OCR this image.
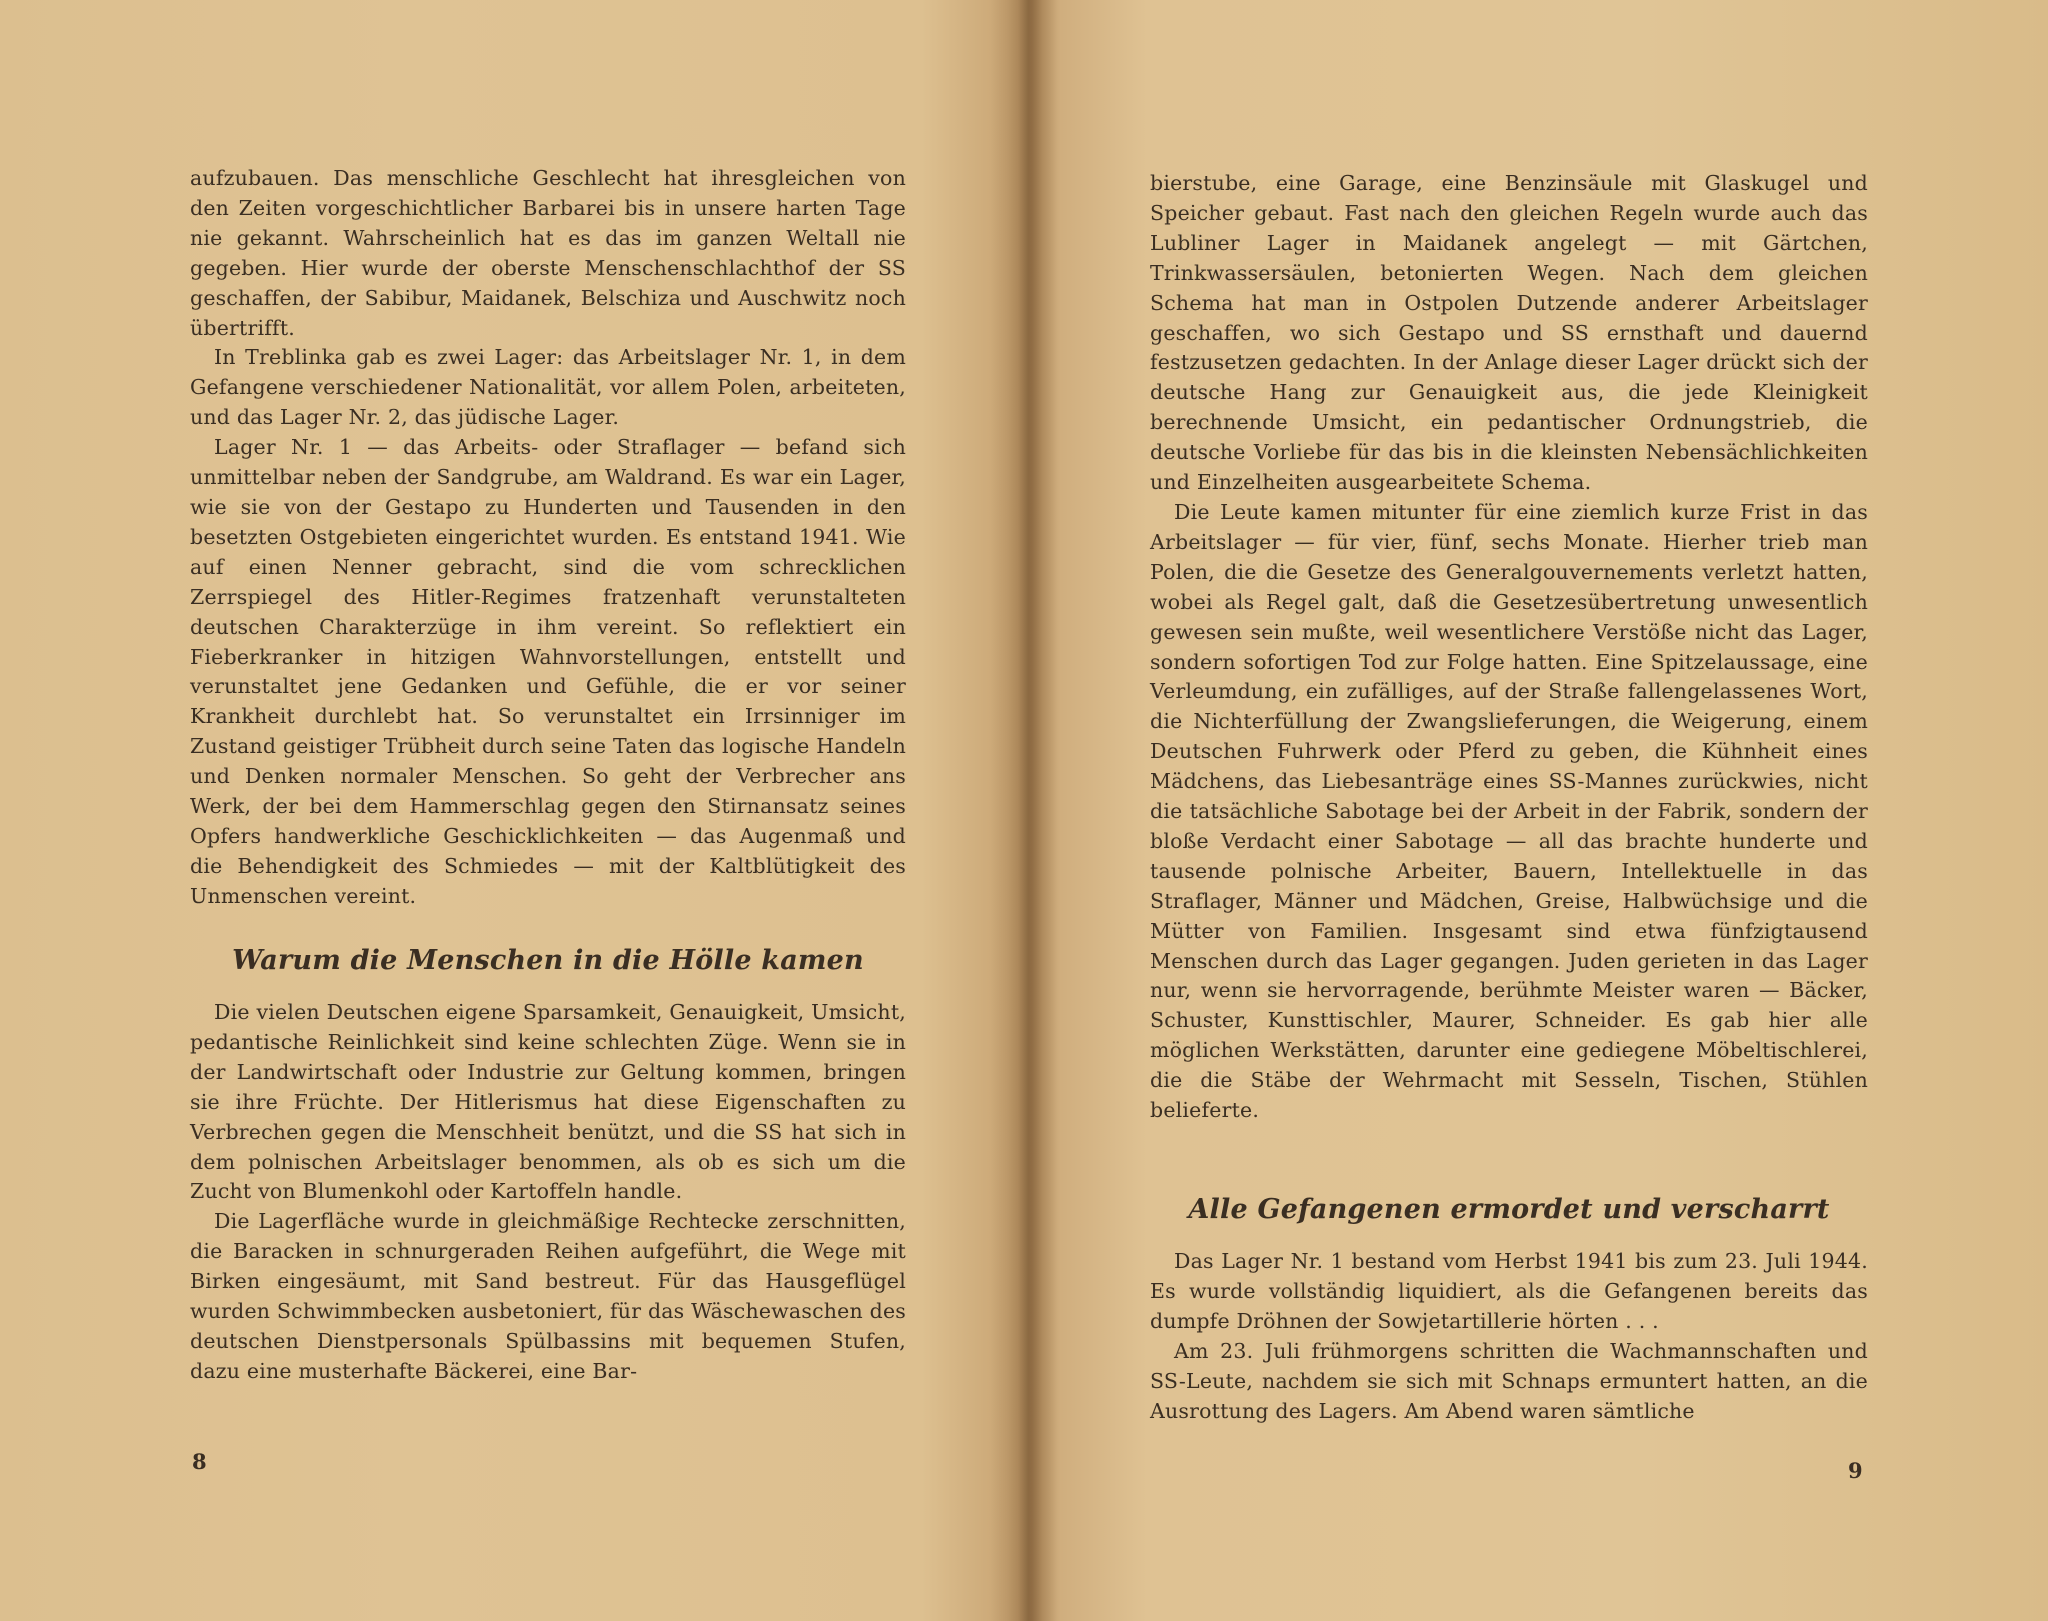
aufzubauen. Das menschliche Geschlecht hat ihresgleichen von den Zeiten vorgeschichtlicher Barbarei bis in unsere harten Tage nie gekannt. Wahrscheinlich hat es das im ganzen Weltall nie gegeben. Hier wurde der oberste Menschenschlachthof der SS geschaffen, der Sabibur, Maidanek, Belschiza und Auschwitz noch übertrifft.

In Treblinka gab es zwei Lager: das Arbeitslager Nr. 1, in dem Gefangene verschiedener Nationalität, vor allem Polen, arbeiteten, und das Lager Nr. 2, das jüdische Lager.

Lager Nr. 1 — das Arbeits- oder Straflager — befand sich unmittelbar neben der Sandgrube, am Waldrand. Es war ein Lager, wie sie von der Gestapo zu Hunderten und Tausenden in den besetzten Ostgebieten eingerichtet wurden. Es entstand 1941. Wie auf einen Nenner gebracht, sind die vom schrecklichen Zerrspiegel des Hitler-Regimes fratzenhaft verunstalteten deutschen Charakterzüge in ihm vereint. So reflektiert ein Fieberkranker in hitzigen Wahnvorstellungen, entstellt und verunstaltet jene Gedanken und Gefühle, die er vor seiner Krankheit durchlebt hat. So verunstaltet ein Irrsinniger im Zustand geistiger Trübheit durch seine Taten das logische Handeln und Denken normaler Menschen. So geht der Verbrecher ans Werk, der bei dem Hammerschlag gegen den Stirnansatz seines Opfers handwerkliche Geschicklichkeiten — das Augenmaß und die Behendigkeit des Schmiedes — mit der Kaltblütigkeit des Unmenschen vereint.

Warum die Menschen in die Hölle kamen

Die vielen Deutschen eigene Sparsamkeit, Genauigkeit, Umsicht, pedantische Reinlichkeit sind keine schlechten Züge. Wenn sie in der Landwirtschaft oder Industrie zur Geltung kommen, bringen sie ihre Früchte. Der Hitlerismus hat diese Eigenschaften zu Verbrechen gegen die Menschheit benützt, und die SS hat sich in dem polnischen Arbeitslager benommen, als ob es sich um die Zucht von Blumenkohl oder Kartoffeln handle.

Die Lagerfläche wurde in gleichmäßige Rechtecke zerschnitten, die Baracken in schnurgeraden Reihen aufgeführt, die Wege mit Birken eingesäumt, mit Sand bestreut. Für das Hausgeflügel wurden Schwimmbecken ausbetoniert, für das Wäschewaschen des deutschen Dienstpersonals Spülbassins mit bequemen Stufen, dazu eine musterhafte Bäckerei, eine Bar-

8

bierstube, eine Garage, eine Benzinsäule mit Glaskugel und Speicher gebaut. Fast nach den gleichen Regeln wurde auch das Lubliner Lager in Maidanek angelegt — mit Gärtchen, Trinkwassersäulen, betonierten Wegen. Nach dem gleichen Schema hat man in Ostpolen Dutzende anderer Arbeitslager geschaffen, wo sich Gestapo und SS ernsthaft und dauernd festzusetzen gedachten. In der Anlage dieser Lager drückt sich der deutsche Hang zur Genauigkeit aus, die jede Kleinigkeit berechnende Umsicht, ein pedantischer Ordnungstrieb, die deutsche Vorliebe für das bis in die kleinsten Nebensächlichkeiten und Einzelheiten ausgearbeitete Schema.

Die Leute kamen mitunter für eine ziemlich kurze Frist in das Arbeitslager — für vier, fünf, sechs Monate. Hierher trieb man Polen, die die Gesetze des Generalgouvernements verletzt hatten, wobei als Regel galt, daß die Gesetzesübertretung unwesentlich gewesen sein mußte, weil wesentlichere Verstöße nicht das Lager, sondern sofortigen Tod zur Folge hatten. Eine Spitzelaussage, eine Verleumdung, ein zufälliges, auf der Straße fallengelassenes Wort, die Nichterfüllung der Zwangslieferungen, die Weigerung, einem Deutschen Fuhrwerk oder Pferd zu geben, die Kühnheit eines Mädchens, das Liebesanträge eines SS-Mannes zurückwies, nicht die tatsächliche Sabotage bei der Arbeit in der Fabrik, sondern der bloße Verdacht einer Sabotage — all das brachte hunderte und tausende polnische Arbeiter, Bauern, Intellektuelle in das Straflager, Männer und Mädchen, Greise, Halbwüchsige und die Mütter von Familien. Insgesamt sind etwa fünfzigtausend Menschen durch das Lager gegangen. Juden gerieten in das Lager nur, wenn sie hervorragende, berühmte Meister waren — Bäcker, Schuster, Kunsttischler, Maurer, Schneider. Es gab hier alle möglichen Werkstätten, darunter eine gediegene Möbeltischlerei, die die Stäbe der Wehrmacht mit Sesseln, Tischen, Stühlen belieferte.

Alle Gefangenen ermordet und verscharrt

Das Lager Nr. 1 bestand vom Herbst 1941 bis zum 23. Juli 1944. Es wurde vollständig liquidiert, als die Gefangenen bereits das dumpfe Dröhnen der Sowjetartillerie hörten . . .

Am 23. Juli frühmorgens schritten die Wachmannschaften und SS-Leute, nachdem sie sich mit Schnaps ermuntert hatten, an die Ausrottung des Lagers. Am Abend waren sämtliche

9
